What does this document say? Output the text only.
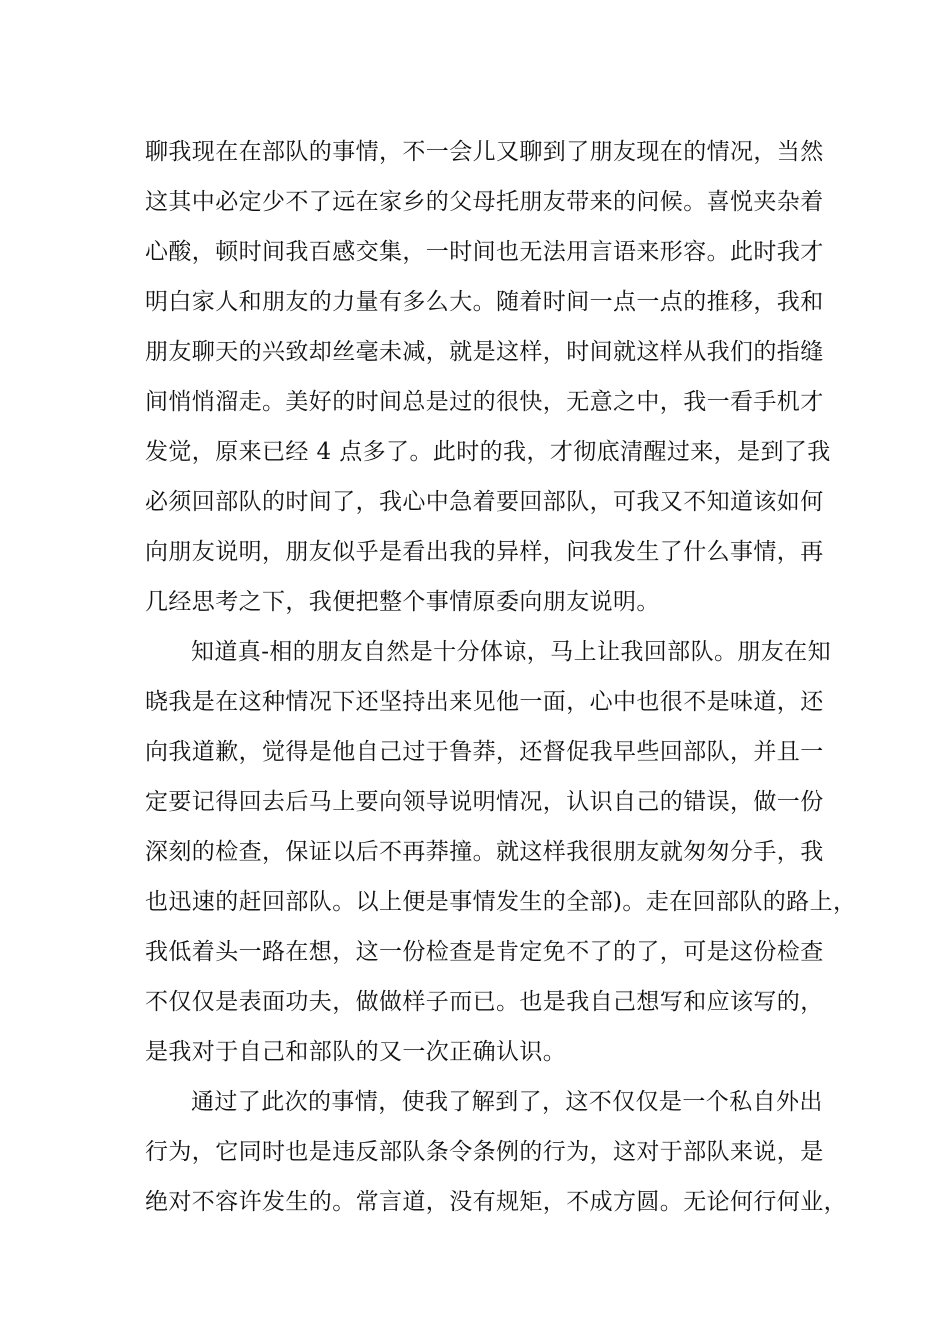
聊我现在在部队的事情，不一会儿又聊到了朋友现在的情况，当然
这其中必定少不了远在家乡的父母托朋友带来的问候。喜悦夹杂着
心酸，顿时间我百感交集，一时间也无法用言语来形容。此时我才
明白家人和朋友的力量有多么大。随着时间一点一点的推移，我和
朋友聊天的兴致却丝毫未减，就是这样，时间就这样从我们的指缝
间悄悄溜走。美好的时间总是过的很快，无意之中，我一看手机才
发觉，原来已经 4 点多了。此时的我，才彻底清醒过来，是到了我
必须回部队的时间了，我心中急着要回部队，可我又不知道该如何
向朋友说明，朋友似乎是看出我的异样，问我发生了什么事情，再
几经思考之下，我便把整个事情原委向朋友说明。
知道真-相的朋友自然是十分体谅，马上让我回部队。朋友在知
晓我是在这种情况下还坚持出来见他一面，心中也很不是味道，还
向我道歉，觉得是他自己过于鲁莽，还督促我早些回部队，并且一
定要记得回去后马上要向领导说明情况，认识自己的错误，做一份
深刻的检查，保证以后不再莽撞。就这样我很朋友就匆匆分手，我
也迅速的赶回部队。以上便是事情发生的全部)。走在回部队的路上，
我低着头一路在想，这一份检查是肯定免不了的了，可是这份检查
不仅仅是表面功夫，做做样子而已。也是我自己想写和应该写的，
是我对于自己和部队的又一次正确认识。
通过了此次的事情，使我了解到了，这不仅仅是一个私自外出
行为，它同时也是违反部队条令条例的行为，这对于部队来说，是
绝对不容许发生的。常言道，没有规矩，不成方圆。无论何行何业，
